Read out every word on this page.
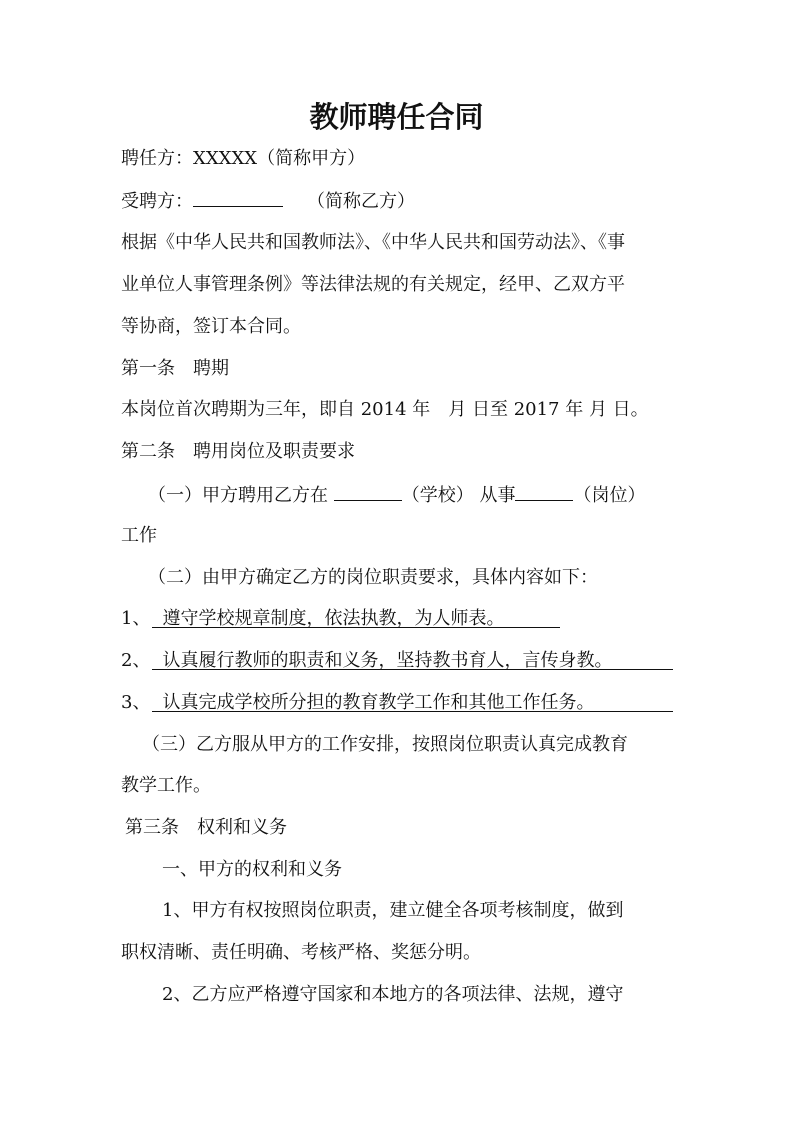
教师聘任合同
聘任方：XXXXX（简称甲方）
受聘方：	（简称乙方）
根据《中华人民共和国教师法》、《中华人民共和国劳动法》、《事
业单位人事管理条例》等法律法规的有关规定，经甲、乙双方平
等协商，签订本合同。
第一条　聘期
本岗位首次聘期为三年，即自 2014 年　月 日至 2017 年 月 日。
第二条　聘用岗位及职责要求
（一）甲方聘用乙方在	（学校） 从事	（岗位）
工作
（二）由甲方确定乙方的岗位职责要求，具体内容如下：
1、 遵守学校规章制度，依法执教，为人师表。
2、 认真履行教师的职责和义务，坚持教书育人，言传身教。
3、 认真完成学校所分担的教育教学工作和其他工作任务。
（三）乙方服从甲方的工作安排，按照岗位职责认真完成教育
教学工作。
第三条　权利和义务
一、甲方的权利和义务
1、甲方有权按照岗位职责，建立健全各项考核制度，做到
职权清晰、责任明确、考核严格、奖惩分明。
2、乙方应严格遵守国家和本地方的各项法律、法规，遵守
